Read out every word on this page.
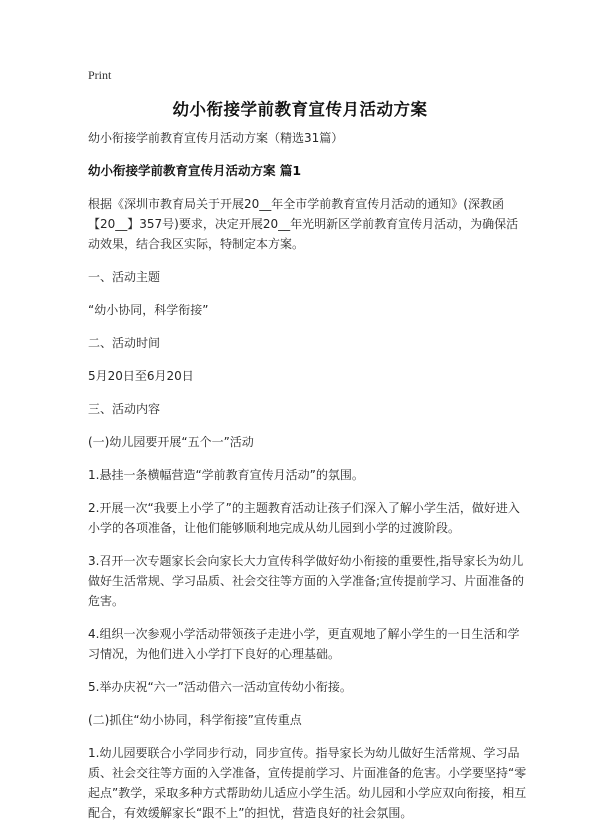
Print
幼小衔接学前教育宣传月活动方案
幼小衔接学前教育宣传月活动方案（精选31篇）
幼小衔接学前教育宣传月活动方案 篇1
根据《深圳市教育局关于开展20__年全市学前教育宣传月活动的通知》(深教函【20__】357号)要求，决定开展20__年光明新区学前教育宣传月活动，为确保活动效果，结合我区实际，特制定本方案。
一、活动主题
“幼小协同，科学衔接”
二、活动时间
5月20日至6月20日
三、活动内容
(一)幼儿园要开展“五个一”活动
1.悬挂一条横幅营造“学前教育宣传月活动”的氛围。
2.开展一次“我要上小学了”的主题教育活动让孩子们深入了解小学生活，做好进入小学的各项准备，让他们能够顺利地完成从幼儿园到小学的过渡阶段。
3.召开一次专题家长会向家长大力宣传科学做好幼小衔接的重要性,指导家长为幼儿做好生活常规、学习品质、社会交往等方面的入学准备;宣传提前学习、片面准备的危害。
4.组织一次参观小学活动带领孩子走进小学，更直观地了解小学生的一日生活和学习情况，为他们进入小学打下良好的心理基础。
5.举办庆祝“六一”活动借六一活动宣传幼小衔接。
(二)抓住“幼小协同，科学衔接”宣传重点
1.幼儿园要联合小学同步行动，同步宣传。指导家长为幼儿做好生活常规、学习品质、社会交往等方面的入学准备，宣传提前学习、片面准备的危害。小学要坚持“零起点”教学，采取多种方式帮助幼儿适应小学生活。幼儿园和小学应双向衔接，相互配合，有效缓解家长“跟不上”的担忧，营造良好的社会氛围。
